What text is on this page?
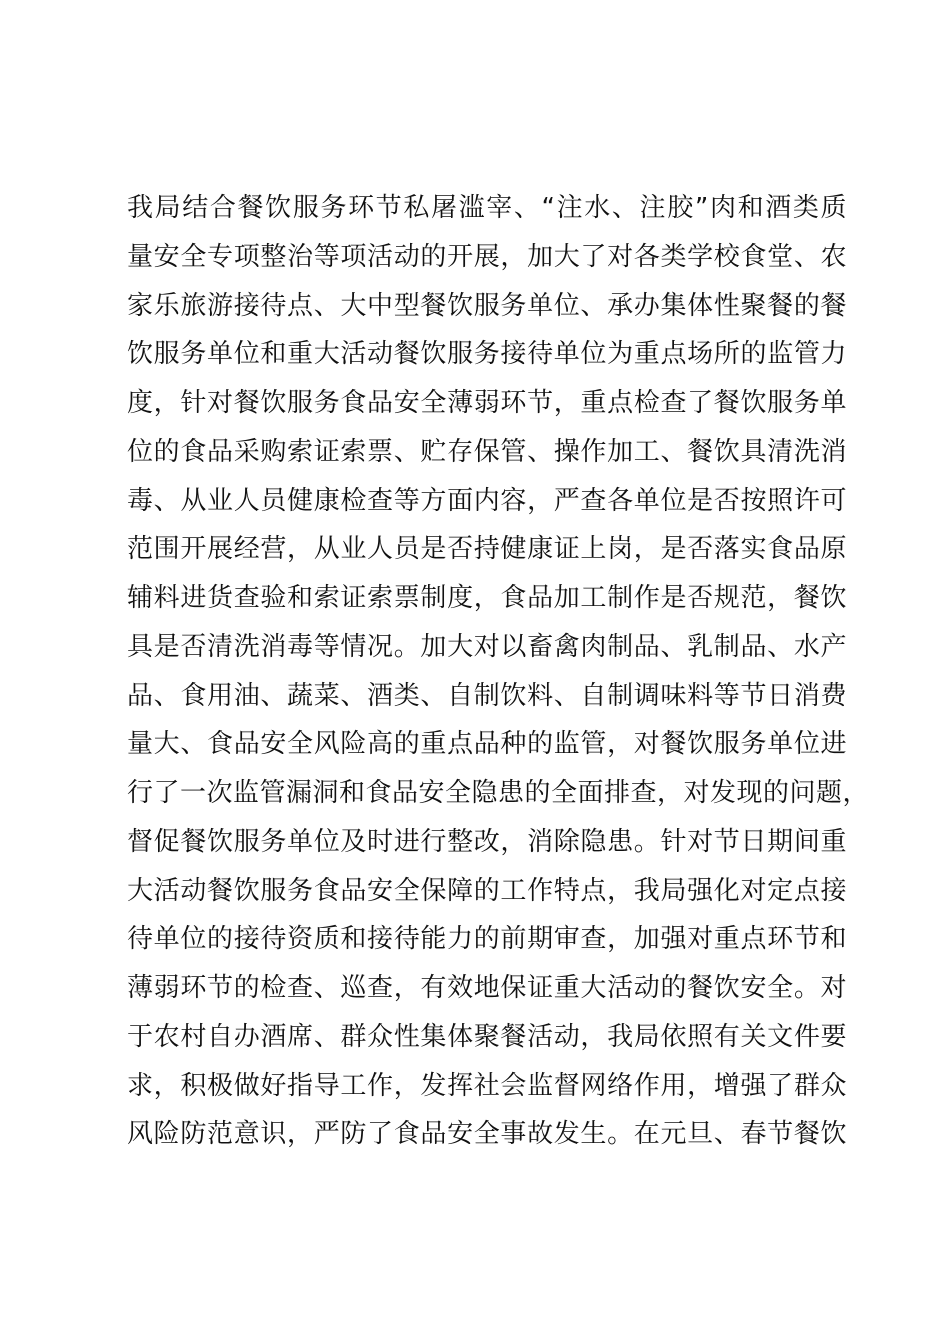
我局结合餐饮服务环节私屠滥宰、“注水、注胶”肉和酒类质
量安全专项整治等项活动的开展，加大了对各类学校食堂、农
家乐旅游接待点、大中型餐饮服务单位、承办集体性聚餐的餐
饮服务单位和重大活动餐饮服务接待单位为重点场所的监管力
度，针对餐饮服务食品安全薄弱环节，重点检查了餐饮服务单
位的食品采购索证索票、贮存保管、操作加工、餐饮具清洗消
毒、从业人员健康检查等方面内容，严查各单位是否按照许可
范围开展经营，从业人员是否持健康证上岗，是否落实食品原
辅料进货查验和索证索票制度，食品加工制作是否规范，餐饮
具是否清洗消毒等情况。加大对以畜禽肉制品、乳制品、水产
品、食用油、蔬菜、酒类、自制饮料、自制调味料等节日消费
量大、食品安全风险高的重点品种的监管，对餐饮服务单位进
行了一次监管漏洞和食品安全隐患的全面排查，对发现的问题，
督促餐饮服务单位及时进行整改，消除隐患。针对节日期间重
大活动餐饮服务食品安全保障的工作特点，我局强化对定点接
待单位的接待资质和接待能力的前期审查，加强对重点环节和
薄弱环节的检查、巡查，有效地保证重大活动的餐饮安全。对
于农村自办酒席、群众性集体聚餐活动，我局依照有关文件要
求，积极做好指导工作，发挥社会监督网络作用，增强了群众
风险防范意识，严防了食品安全事故发生。在元旦、春节餐饮
